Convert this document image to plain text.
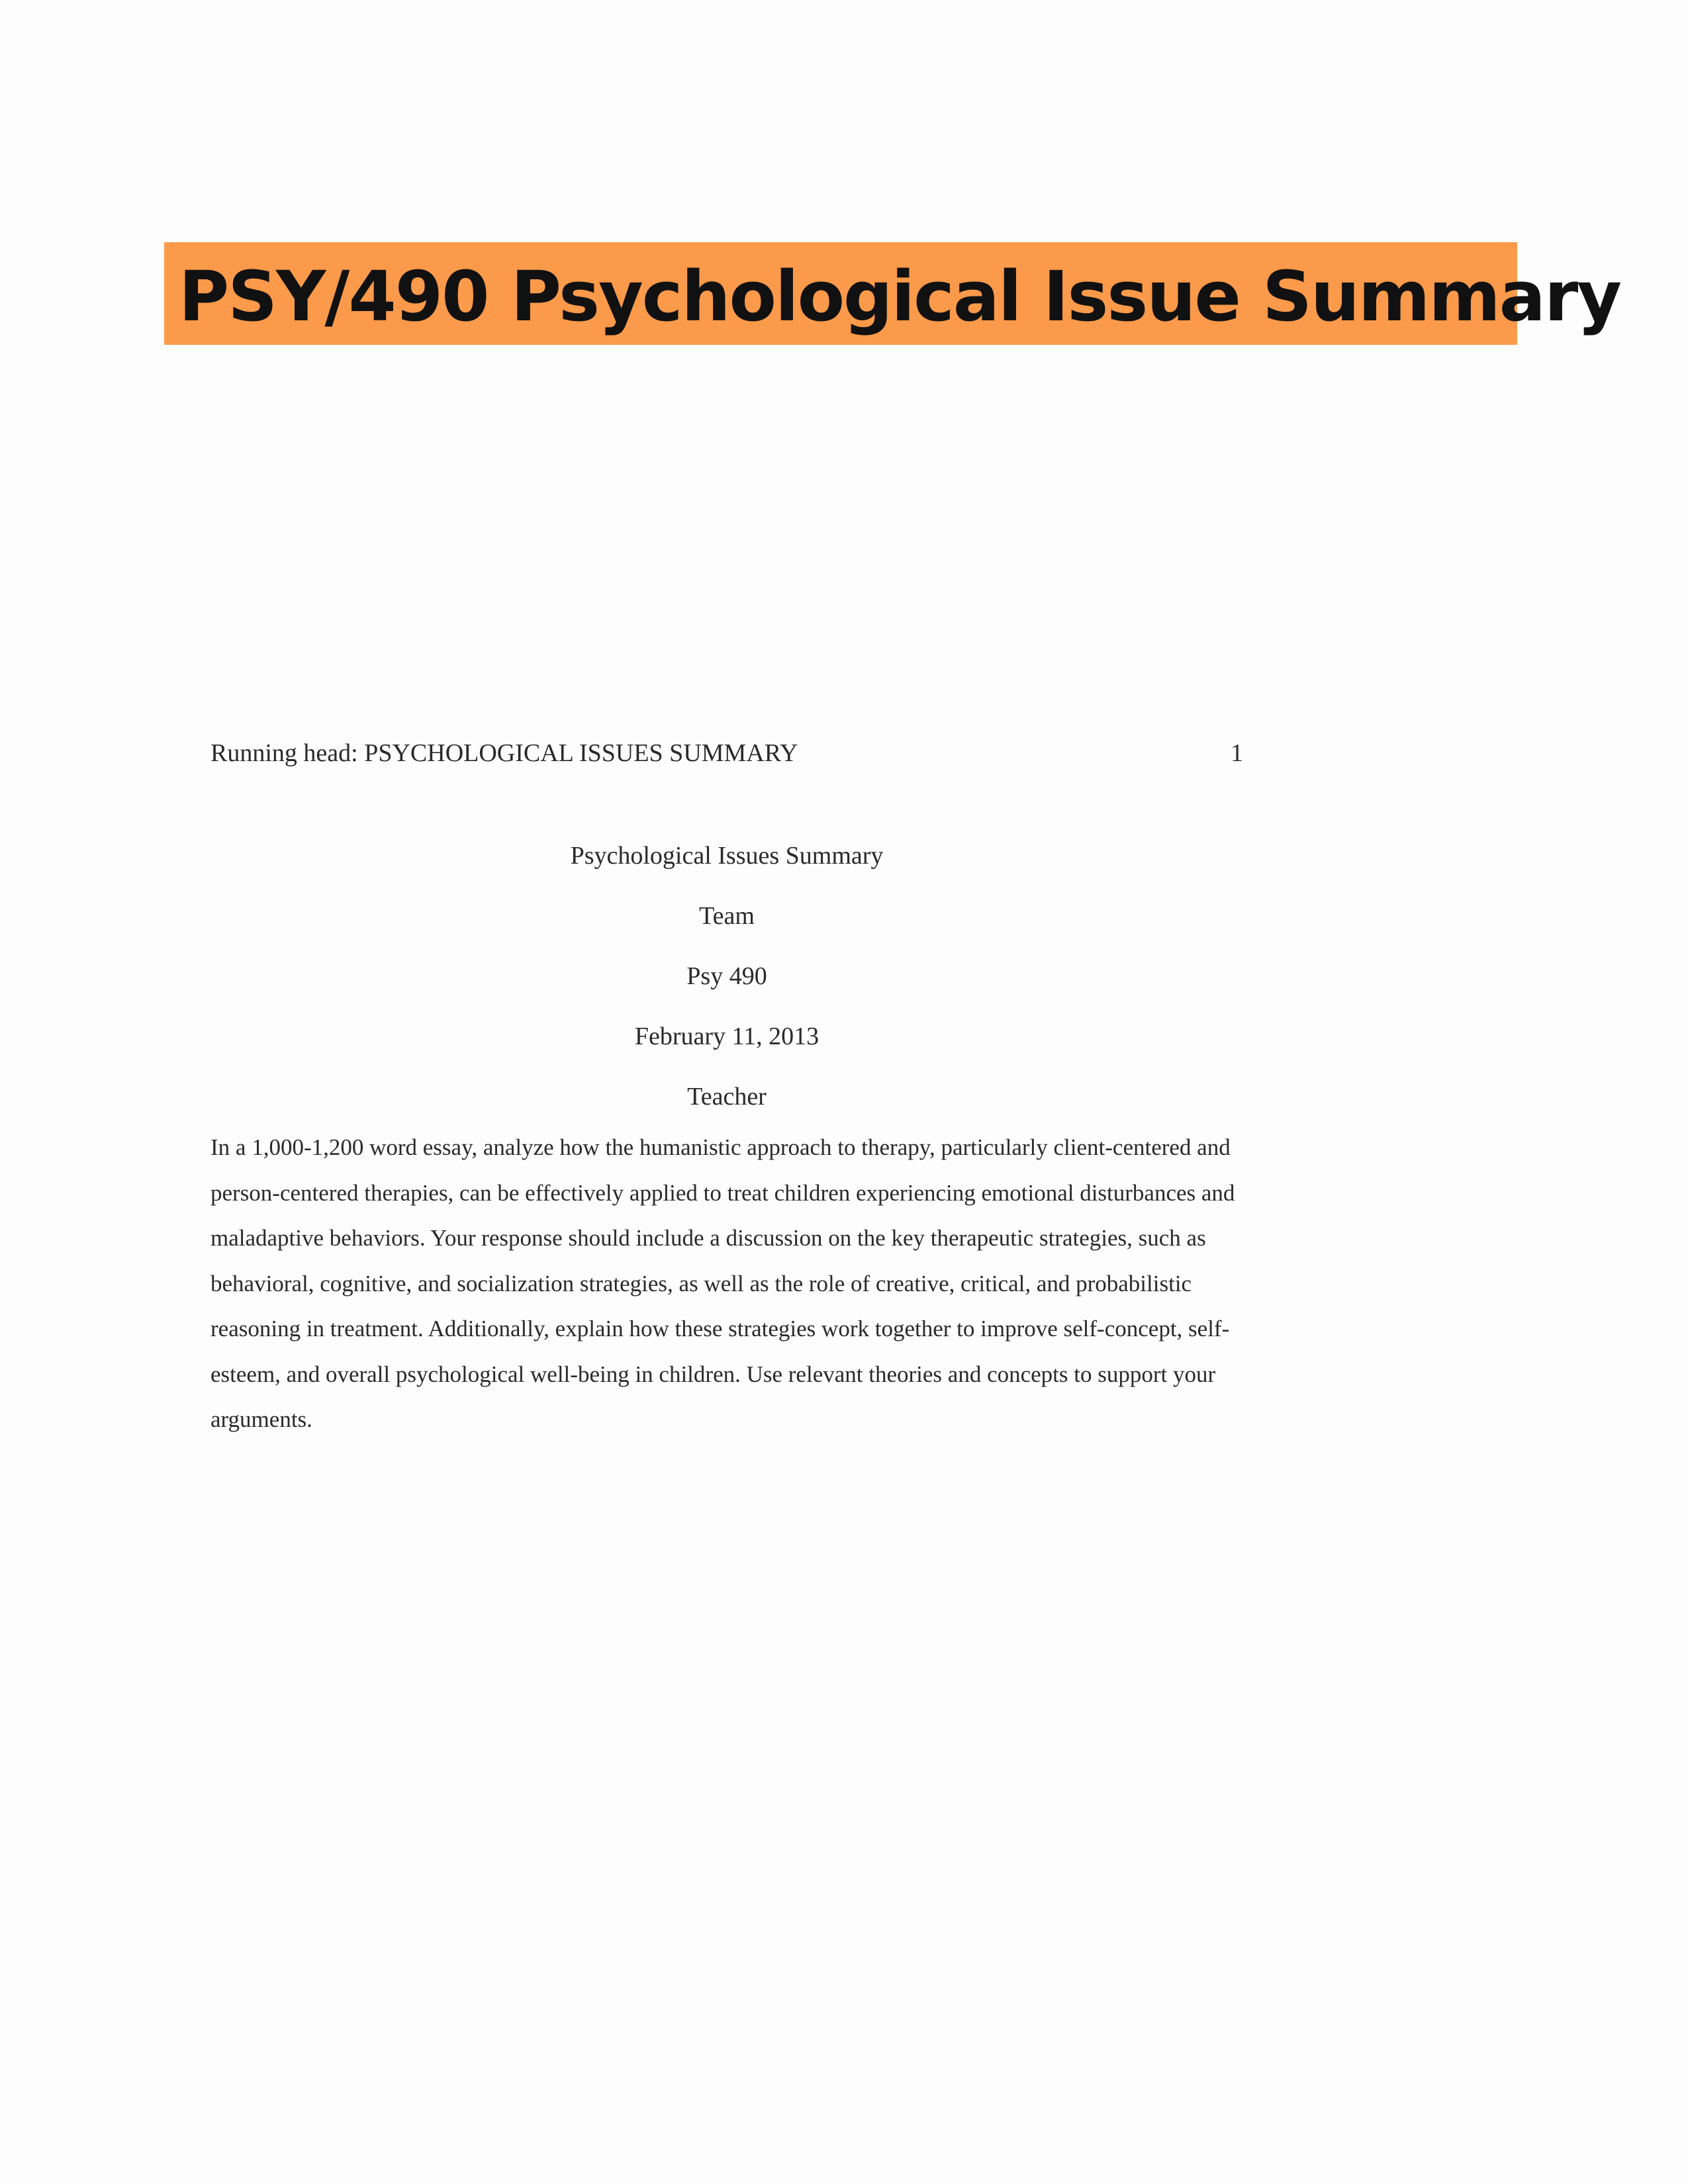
PSY/490 Psychological Issue Summary
Running head: PSYCHOLOGICAL ISSUES SUMMARY	1
Psychological Issues Summary
Team
Psy 490
February 11, 2013
Teacher
In a 1,000-1,200 word essay, analyze how the humanistic approach to therapy, particularly client-centered and person-centered therapies, can be effectively applied to treat children experiencing emotional disturbances and maladaptive behaviors. Your response should include a discussion on the key therapeutic strategies, such as behavioral, cognitive, and socialization strategies, as well as the role of creative, critical, and probabilistic reasoning in treatment. Additionally, explain how these strategies work together to improve self-concept, self-esteem, and overall psychological well-being in children. Use relevant theories and concepts to support your arguments.
